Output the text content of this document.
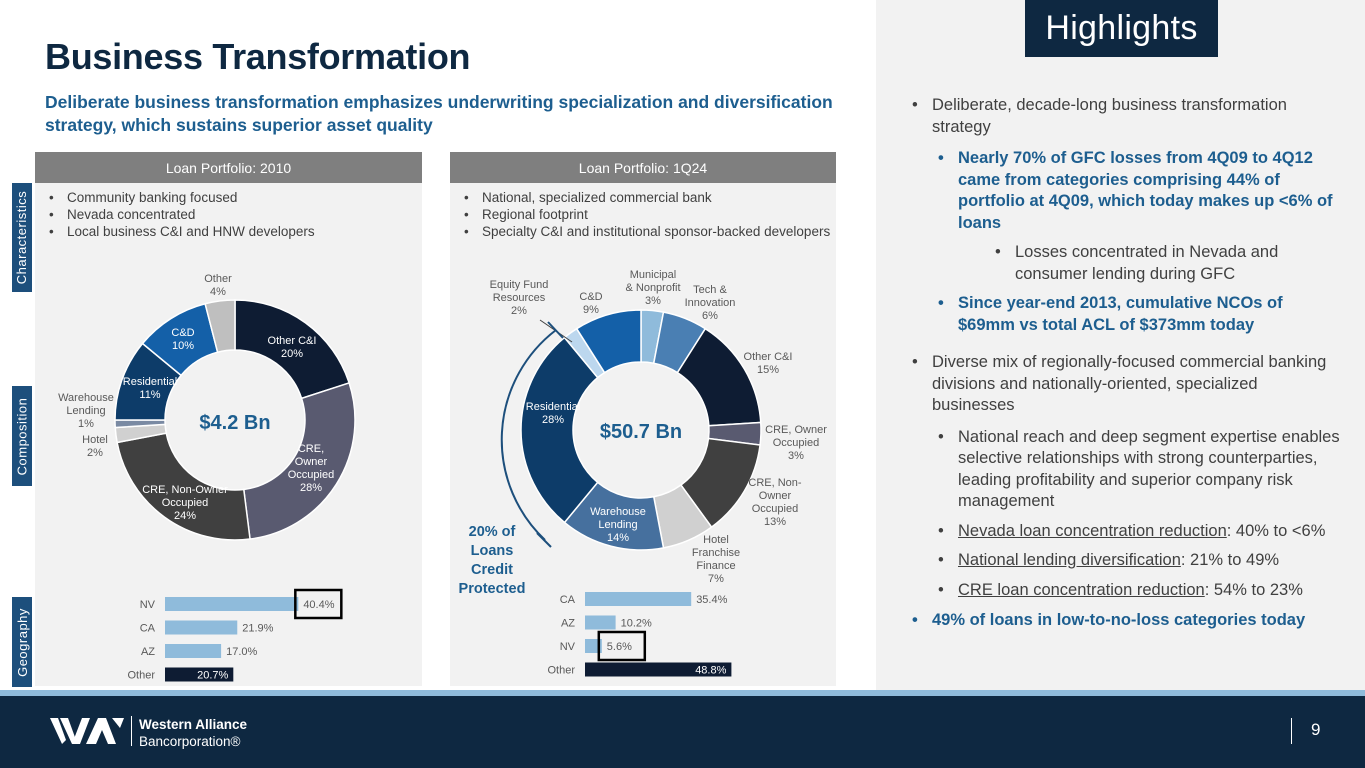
Highlights
Business Transformation
Deliberate business transformation emphasizes underwriting specialization and diversification strategy, which sustains superior asset quality
Characteristics
Composition
Geography
Loan Portfolio: 2010
• Community banking focused
• Nevada concentrated
• Local business C&I and HNW developers
Loan Portfolio: 1Q24
• National, specialized commercial bank
• Regional footprint
• Specialty C&I and institutional sponsor-backed developers
$4.2 Bn	$50.7 Bn
Other C&I 20%
CRE, Owner Occupied 28%
CRE, Non-Owner Occupied 24%
Hotel 2%
Warehouse Lending 1%
Residential 11%
C&D 10%
Other 4%
Municipal & Nonprofit 3%
Tech & Innovation 6%
Other C&I 15%
CRE, Owner Occupied 3%
CRE, Non-Owner Occupied 13%
Hotel Franchise Finance 7%
Warehouse Lending 14%
Residential 28%
Equity Fund Resources 2%
C&D 9%
20% of Loans Credit Protected
NV	40.4%
CA	21.9%
AZ	17.0%
Other	20.7%
CA	35.4%
AZ	10.2%
NV	5.6%
Other	48.8%
• Deliberate, decade-long business transformation strategy
• Nearly 70% of GFC losses from 4Q09 to 4Q12 came from categories comprising 44% of portfolio at 4Q09, which today makes up <6% of loans
• Losses concentrated in Nevada and consumer lending during GFC
• Since year-end 2013, cumulative NCOs of $69mm vs total ACL of $373mm today
• Diverse mix of regionally-focused commercial banking divisions and nationally-oriented, specialized businesses
• National reach and deep segment expertise enables selective relationships with strong counterparties, leading profitability and superior company risk management
• Nevada loan concentration reduction: 40% to <6%
• National lending diversification: 21% to 49%
• CRE loan concentration reduction: 54% to 23%
• 49% of loans in low-to-no-loss categories today
Western Alliance
Bancorporation®
9
